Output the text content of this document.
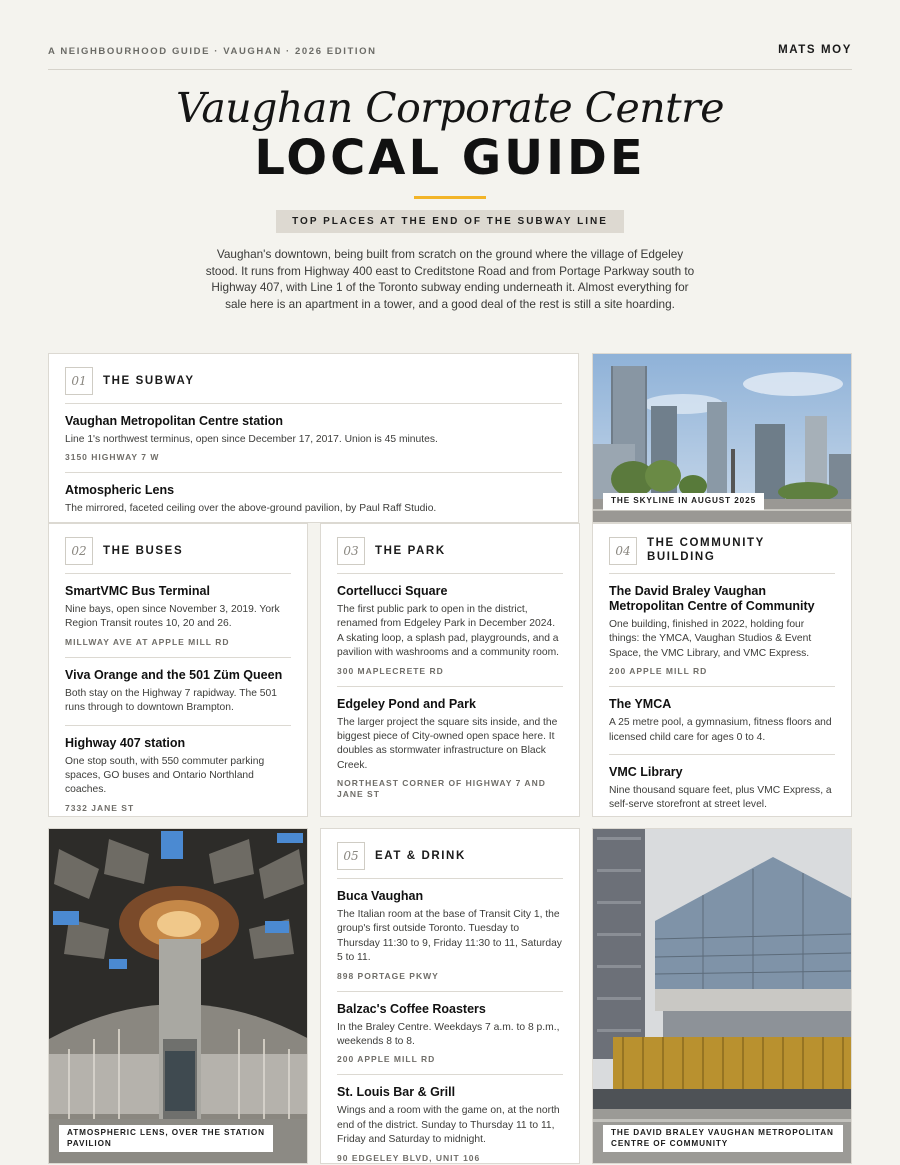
A NEIGHBOURHOOD GUIDE · VAUGHAN · 2026 EDITION	MATS MOY
Vaughan Corporate Centre
LOCAL GUIDE
TOP PLACES AT THE END OF THE SUBWAY LINE
Vaughan's downtown, being built from scratch on the ground where the village of Edgeley stood. It runs from Highway 400 east to Creditstone Road and from Portage Parkway south to Highway 407, with Line 1 of the Toronto subway ending underneath it. Almost everything for sale here is an apartment in a tower, and a good deal of the rest is still a site hoarding.
01	THE SUBWAY
Vaughan Metropolitan Centre station
Line 1's northwest terminus, open since December 17, 2017. Union is 45 minutes.
3150 HIGHWAY 7 W
Atmospheric Lens
The mirrored, faceted ceiling over the above-ground pavilion, by Paul Raff Studio.
THE SKYLINE IN AUGUST 2025
02	THE BUSES
SmartVMC Bus Terminal
Nine bays, open since November 3, 2019. York Region Transit routes 10, 20 and 26.
MILLWAY AVE AT APPLE MILL RD
Viva Orange and the 501 Züm Queen
Both stay on the Highway 7 rapidway. The 501 runs through to downtown Brampton.
Highway 407 station
One stop south, with 550 commuter parking spaces, GO buses and Ontario Northland coaches.
7332 JANE ST
03	THE PARK
Cortellucci Square
The first public park to open in the district, renamed from Edgeley Park in December 2024. A skating loop, a splash pad, playgrounds, and a pavilion with washrooms and a community room.
300 MAPLECRETE RD
Edgeley Pond and Park
The larger project the square sits inside, and the biggest piece of City-owned open space here. It doubles as stormwater infrastructure on Black Creek.
NORTHEAST CORNER OF HIGHWAY 7 AND JANE ST
04
THE COMMUNITY
BUILDING
The David Braley Vaughan Metropolitan Centre of Community
One building, finished in 2022, holding four things: the YMCA, Vaughan Studios & Event Space, the VMC Library, and VMC Express.
200 APPLE MILL RD
The YMCA
A 25 metre pool, a gymnasium, fitness floors and licensed child care for ages 0 to 4.
VMC Library
Nine thousand square feet, plus VMC Express, a self-serve storefront at street level.
ATMOSPHERIC LENS, OVER THE STATION PAVILION
05	EAT & DRINK
Buca Vaughan
The Italian room at the base of Transit City 1, the group's first outside Toronto. Tuesday to Thursday 11:30 to 9, Friday 11:30 to 11, Saturday 5 to 11.
898 PORTAGE PKWY
Balzac's Coffee Roasters
In the Braley Centre. Weekdays 7 a.m. to 8 p.m., weekends 8 to 8.
200 APPLE MILL RD
St. Louis Bar & Grill
Wings and a room with the game on, at the north end of the district. Sunday to Thursday 11 to 11, Friday and Saturday to midnight.
90 EDGELEY BLVD, UNIT 106
THE DAVID BRALEY VAUGHAN METROPOLITAN CENTRE OF COMMUNITY
